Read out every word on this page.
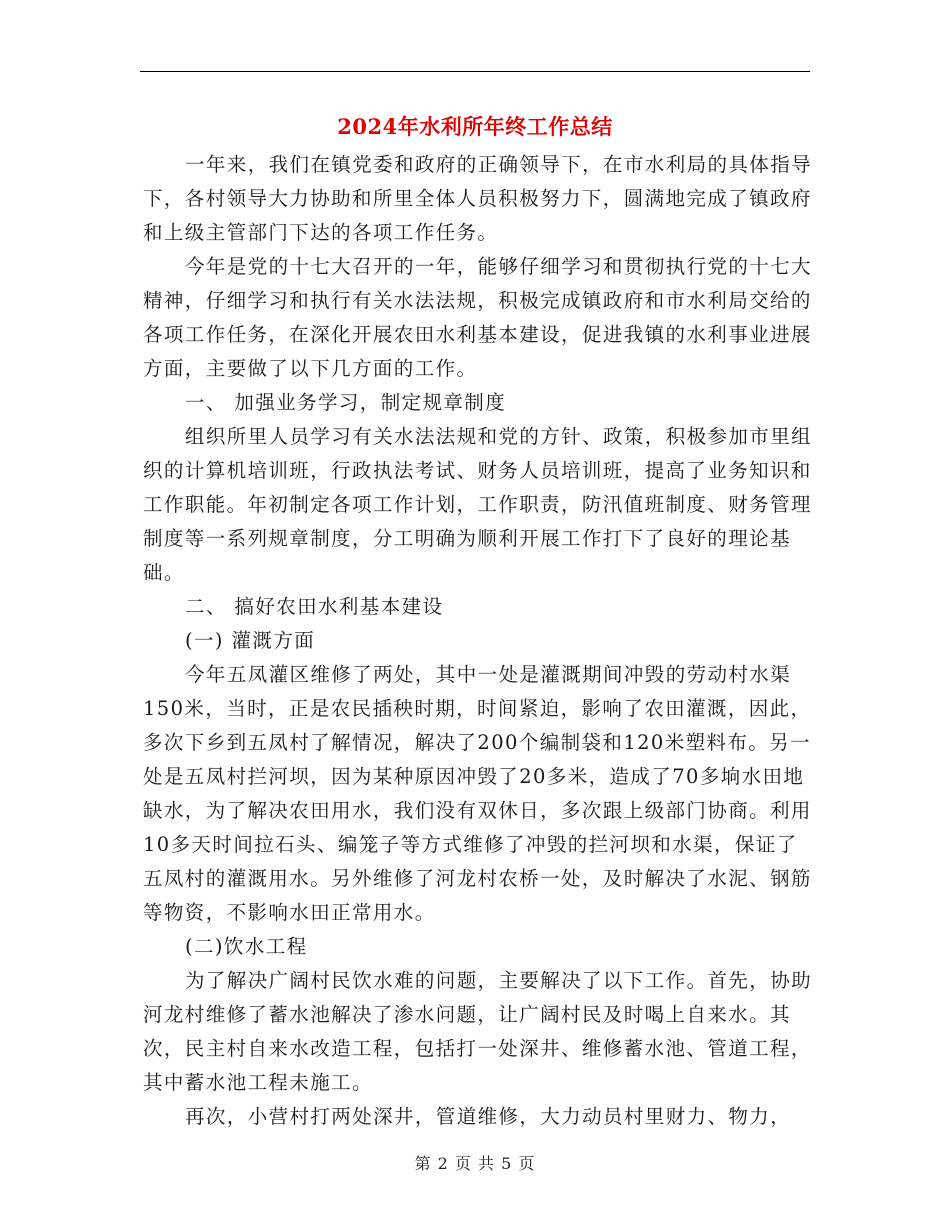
2024年水利所年终工作总结

一年来，我们在镇党委和政府的正确领导下，在市水利局的具体指导下，各村领导大力协助和所里全体人员积极努力下，圆满地完成了镇政府和上级主管部门下达的各项工作任务。

今年是党的十七大召开的一年，能够仔细学习和贯彻执行党的十七大精神，仔细学习和执行有关水法法规，积极完成镇政府和市水利局交给的各项工作任务，在深化开展农田水利基本建设，促进我镇的水利事业进展方面，主要做了以下几方面的工作。

一、 加强业务学习，制定规章制度

组织所里人员学习有关水法法规和党的方针、政策，积极参加市里组织的计算机培训班，行政执法考试、财务人员培训班，提高了业务知识和工作职能。年初制定各项工作计划，工作职责，防汛值班制度、财务管理制度等一系列规章制度，分工明确为顺利开展工作打下了良好的理论基础。

二、 搞好农田水利基本建设

(一) 灌溉方面

今年五凤灌区维修了两处，其中一处是灌溉期间冲毁的劳动村水渠150米，当时，正是农民插秧时期，时间紧迫，影响了农田灌溉，因此，多次下乡到五凤村了解情况，解决了200个编制袋和120米塑料布。另一处是五凤村拦河坝，因为某种原因冲毁了20多米，造成了70多垧水田地缺水，为了解决农田用水，我们没有双休日，多次跟上级部门协商。利用10多天时间拉石头、编笼子等方式维修了冲毁的拦河坝和水渠，保证了五凤村的灌溉用水。另外维修了河龙村农桥一处，及时解决了水泥、钢筋等物资，不影响水田正常用水。

(二)饮水工程

为了解决广阔村民饮水难的问题，主要解决了以下工作。首先，协助河龙村维修了蓄水池解决了渗水问题，让广阔村民及时喝上自来水。其次，民主村自来水改造工程，包括打一处深井、维修蓄水池、管道工程，其中蓄水池工程未施工。

再次，小营村打两处深井，管道维修，大力动员村里财力、物力，

第 2 页 共 5 页
